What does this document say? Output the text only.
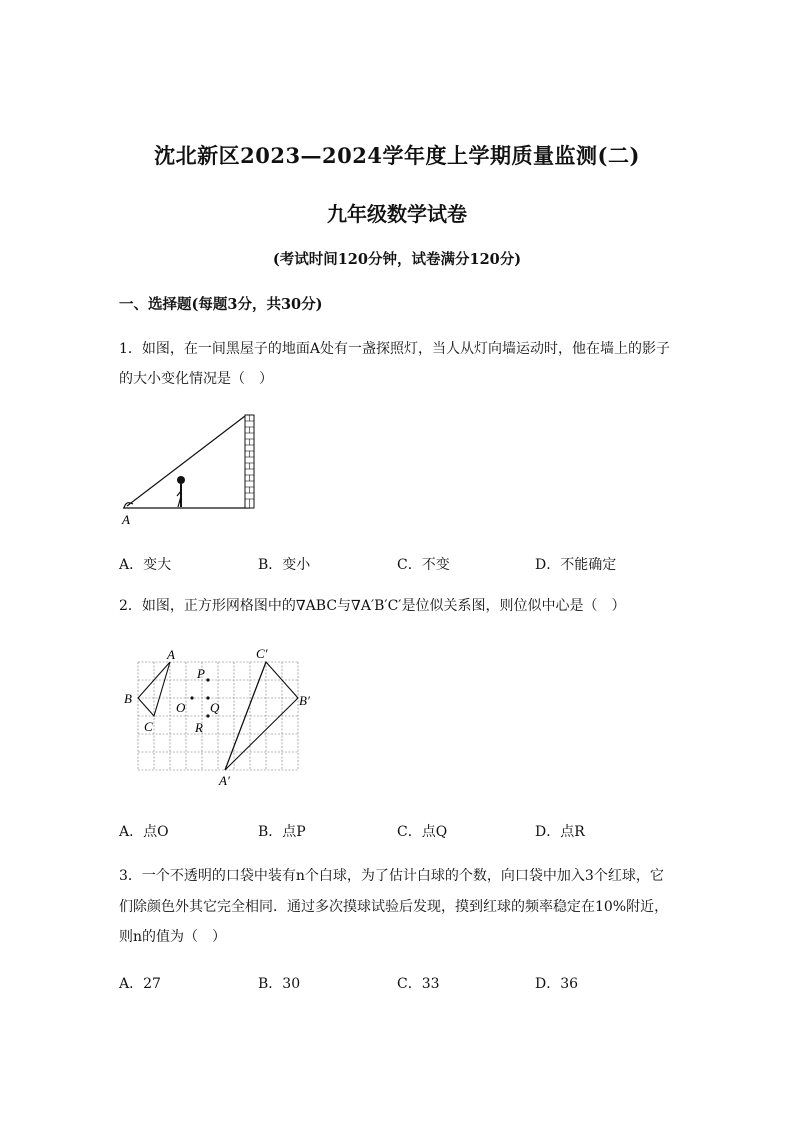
沈北新区2023—2024学年度上学期质量监测(二)
九年级数学试卷
(考试时间120分钟，试卷满分120分)
一、选择题(每题3分，共30分)
1．如图，在一间黑屋子的地面A处有一盏探照灯，当人从灯向墙运动时，他在墙上的影子
的大小变化情况是（　）
A
A．变大	B．变小	C．不变	D．不能确定
2．如图，正方形网格图中的∇ABC与∇A′B′C′是位似关系图，则位似中心是（　）
A
B
C
P
O Q
R
A′
B′
C′
A．点O	B．点P	C．点Q	D．点R
3．一个不透明的口袋中装有n个白球，为了估计白球的个数，向口袋中加入3个红球，它
们除颜色外其它完全相同．通过多次摸球试验后发现，摸到红球的频率稳定在10%附近，
则n的值为（　）
A．27	B．30	C．33	D．36
